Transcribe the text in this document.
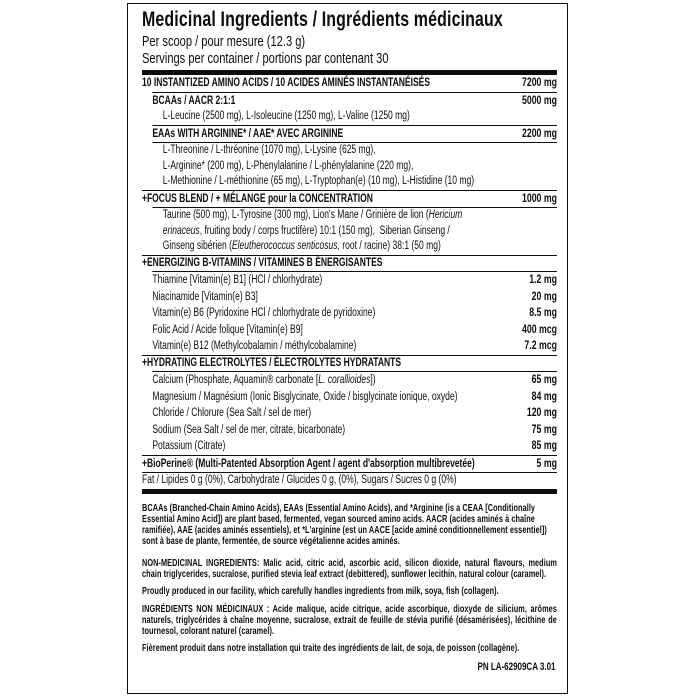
Medicinal Ingredients / Ingrédients médicinaux
Per scoop / pour mesure (12.3 g)
Servings per container / portions par contenant 30
10 INSTANTIZED AMINO ACIDS / 10 ACIDES AMINÉS INSTANTANÉISÉS	7200 mg
BCAAs / AACR 2:1:1	5000 mg
L-Leucine (2500 mg), L-Isoleucine (1250 mg), L-Valine (1250 mg)
EAAs WITH ARGININE* / AAE* AVEC ARGININE	2200 mg
L-Threonine / L-thréonine (1070 mg), L-Lysine (625 mg),
L-Arginine* (200 mg), L-Phenylalanine / L-phénylalanine (220 mg),
L-Methionine / L-méthionine (65 mg), L-Tryptophan(e) (10 mg), L-Histidine (10 mg)
+FOCUS BLEND / + MÉLANGE pour la CONCENTRATION	1000 mg
Taurine (500 mg), L-Tyrosine (300 mg), Lion's Mane / Grinière de lion (Hericium
erinaceus, fruiting body / corps fructifère) 10:1 (150 mg),  Siberian Ginseng /
Ginseng sibérien (Eleutherococcus senticosus, root / racine) 38:1 (50 mg)
+ENERGIZING B-VITAMINS / VITAMINES B ÉNERGISANTES
Thiamine [Vitamin(e) B1] (HCl / chlorhydrate)	1.2 mg
Niacinamide [Vitamin(e) B3]	20 mg
Vitamin(e) B6 (Pyridoxine HCl / chlorhydrate de pyridoxine)	8.5 mg
Folic Acid / Acide folique [Vitamin(e) B9]	400 mcg
Vitamin(e) B12 (Methylcobalamin / méthylcobalamine)	7.2 mcg
+HYDRATING ELECTROLYTES / ÉLECTROLYTES HYDRATANTS
Calcium (Phosphate, Aquamin® carbonate [L. corallioides])	65 mg
Magnesium / Magnésium (Ionic Bisglycinate, Oxide / bisglycinate ionique, oxyde)	84 mg
Chloride / Chlorure (Sea Salt / sel de mer)	120 mg
Sodium (Sea Salt / sel de mer, citrate, bicarbonate)	75 mg
Potassium (Citrate)	85 mg
+BioPerine® (Multi-Patented Absorption Agent / agent d'absorption multibrevetée)	5 mg
Fat / Lipides 0 g (0%), Carbohydrate / Glucides 0 g, (0%), Sugars / Sucres 0 g (0%)
BCAAs (Branched-Chain Amino Acids), EAAs (Essential Amino Acids), and *Arginine (is a CEAA [Conditionally Essential Amino Acid]) are plant based, fermented, vegan sourced amino acids. AACR (acides aminés à chaîne ramifiée), AAE (acides aminés essentiels), et *L'arginine (est un AACE [acide aminé conditionnellement essentiel]) sont à base de plante, fermentée, de source végétalienne acides aminés.
NON-MEDICINAL INGREDIENTS: Malic acid, citric acid, ascorbic acid, silicon dioxide, natural flavours, medium chain triglycerides, sucralose, purified stevia leaf extract (debittered), sunflower lecithin, natural colour (caramel).
Proudly produced in our facility, which carefully handles ingredients from milk, soya, fish (collagen).
INGRÉDIENTS NON MÉDICINAUX : Acide malique, acide citrique, acide ascorbique, dioxyde de silicium, arômes naturels, triglycérides à chaîne moyenne, sucralose, extrait de feuille de stévia purifié (désamérisées), lécithine de tournesol, colorant naturel (caramel).
Fièrement produit dans notre installation qui traite des ingrédients de lait, de soja, de poisson (collagène).
PN LA-62909CA 3.01
